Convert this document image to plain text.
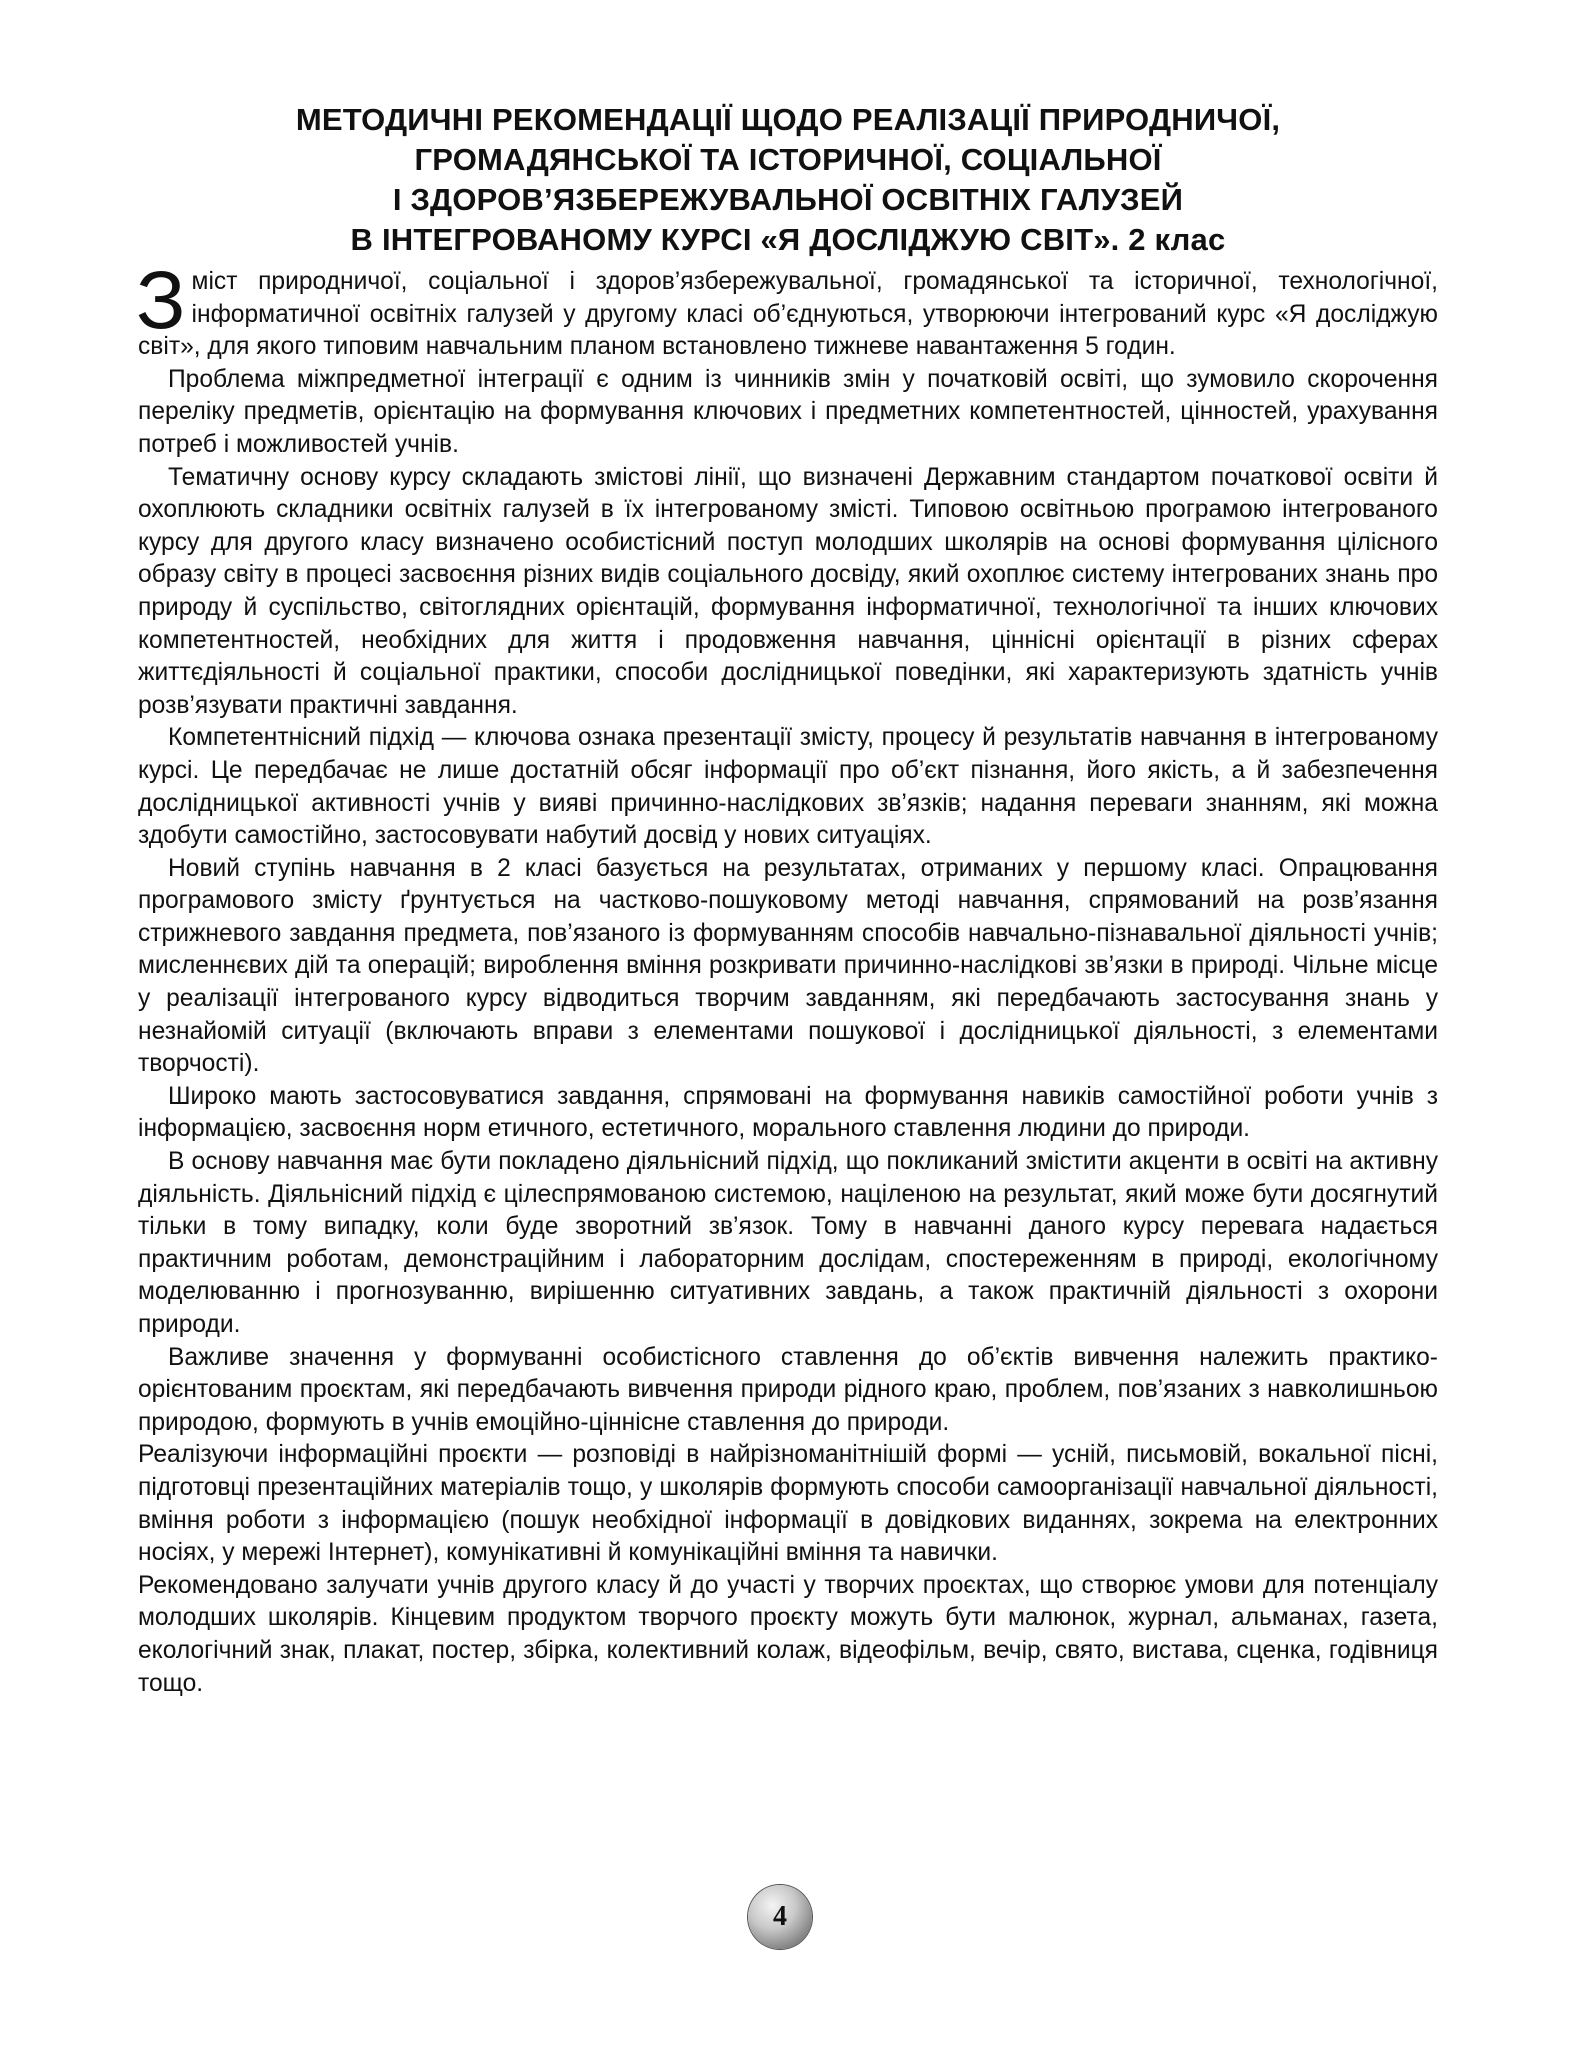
МЕТОДИЧНІ РЕКОМЕНДАЦІЇ ЩОДО РЕАЛІЗАЦІЇ ПРИРОДНИЧОЇ,
ГРОМАДЯНСЬКОЇ ТА ІСТОРИЧНОЇ, СОЦІАЛЬНОЇ
І ЗДОРОВ’ЯЗБЕРЕЖУВАЛЬНОЇ ОСВІТНІХ ГАЛУЗЕЙ
В ІНТЕГРОВАНОМУ КУРСІ «Я ДОСЛІДЖУЮ СВІТ». 2 клас

Зміст природничої, соціальної і здоров’язбережувальної, громадянської та історичної, технологічної, інформатичної освітніх галузей у другому класі об’єднуються, утворюючи інтегрований курс «Я досліджую світ», для якого типовим навчальним планом встановлено тижневе навантаження 5 годин.

Проблема міжпредметної інтеграції є одним із чинників змін у початковій освіті, що зумовило скорочення переліку предметів, орієнтацію на формування ключових і предметних компетентностей, цінностей, урахування потреб і можливостей учнів.

Тематичну основу курсу складають змістові лінії, що визначені Державним стандартом початкової освіти й охоплюють складники освітніх галузей в їх інтегрованому змісті. Типовою освітньою програмою інтегрованого курсу для другого класу визначено особистісний поступ молодших школярів на основі формування цілісного образу світу в процесі засвоєння різних видів соціального досвіду, який охоплює систему інтегрованих знань про природу й суспільство, світоглядних орієнтацій, формування інформатичної, технологічної та інших ключових компетентностей, необхідних для життя і продовження навчання, ціннісні орієнтації в різних сферах життєдіяльності й соціальної практики, способи дослідницької поведінки, які характеризують здатність учнів розв’язувати практичні завдання.

Компетентнісний підхід — ключова ознака презентації змісту, процесу й результатів навчання в інтегрованому курсі. Це передбачає не лише достатній обсяг інформації про об’єкт пізнання, його якість, а й забезпечення дослідницької активності учнів у вияві причинно-наслідкових зв’язків; надання переваги знанням, які можна здобути самостійно, застосовувати набутий досвід у нових ситуаціях.

Новий ступінь навчання в 2 класі базується на результатах, отриманих у першому класі. Опрацювання програмового змісту ґрунтується на частково-пошуковому методі навчання, спрямований на розв’язання стрижневого завдання предмета, пов’язаного із формуванням способів навчально-пізнавальної діяльності учнів; мисленнєвих дій та операцій; вироблення вміння розкривати причинно-наслідкові зв’язки в природі. Чільне місце у реалізації інтегрованого курсу відводиться творчим завданням, які передбачають застосування знань у незнайомій ситуації (включають вправи з елементами пошукової і дослідницької діяльності, з елементами творчості).

Широко мають застосовуватися завдання, спрямовані на формування навиків самостійної роботи учнів з інформацією, засвоєння норм етичного, естетичного, морального ставлення людини до природи.

В основу навчання має бути покладено діяльнісний підхід, що покликаний змістити акценти в освіті на активну діяльність. Діяльнісний підхід є цілеспрямованою системою, націленою на результат, який може бути досягнутий тільки в тому випадку, коли буде зворотний зв’язок. Тому в навчанні даного курсу перевага надається практичним роботам, демонстраційним і лабораторним дослідам, спостереженням в природі, екологічному моделюванню і прогнозуванню, вирішенню ситуативних завдань, а також практичній діяльності з охорони природи.

Важливе значення у формуванні особистісного ставлення до об’єктів вивчення належить практико-орієнтованим проєктам, які передбачають вивчення природи рідного краю, проблем, пов’язаних з навколишньою природою, формують в учнів емоційно-ціннісне ставлення до природи.

Реалізуючи інформаційні проєкти — розповіді в найрізноманітнішій формі — усній, письмовій, вокальної пісні, підготовці презентаційних матеріалів тощо, у школярів формують способи самоорганізації навчальної діяльності, вміння роботи з інформацією (пошук необхідної інформації в довідкових виданнях, зокрема на електронних носіях, у мережі Інтернет), комунікативні й комунікаційні вміння та навички.

Рекомендовано залучати учнів другого класу й до участі у творчих проєктах, що створює умови для потенціалу молодших школярів. Кінцевим продуктом творчого проєкту можуть бути малюнок, журнал, альманах, газета, екологічний знак, плакат, постер, збірка, колективний колаж, відеофільм, вечір, свято, вистава, сценка, годівниця тощо.

4
